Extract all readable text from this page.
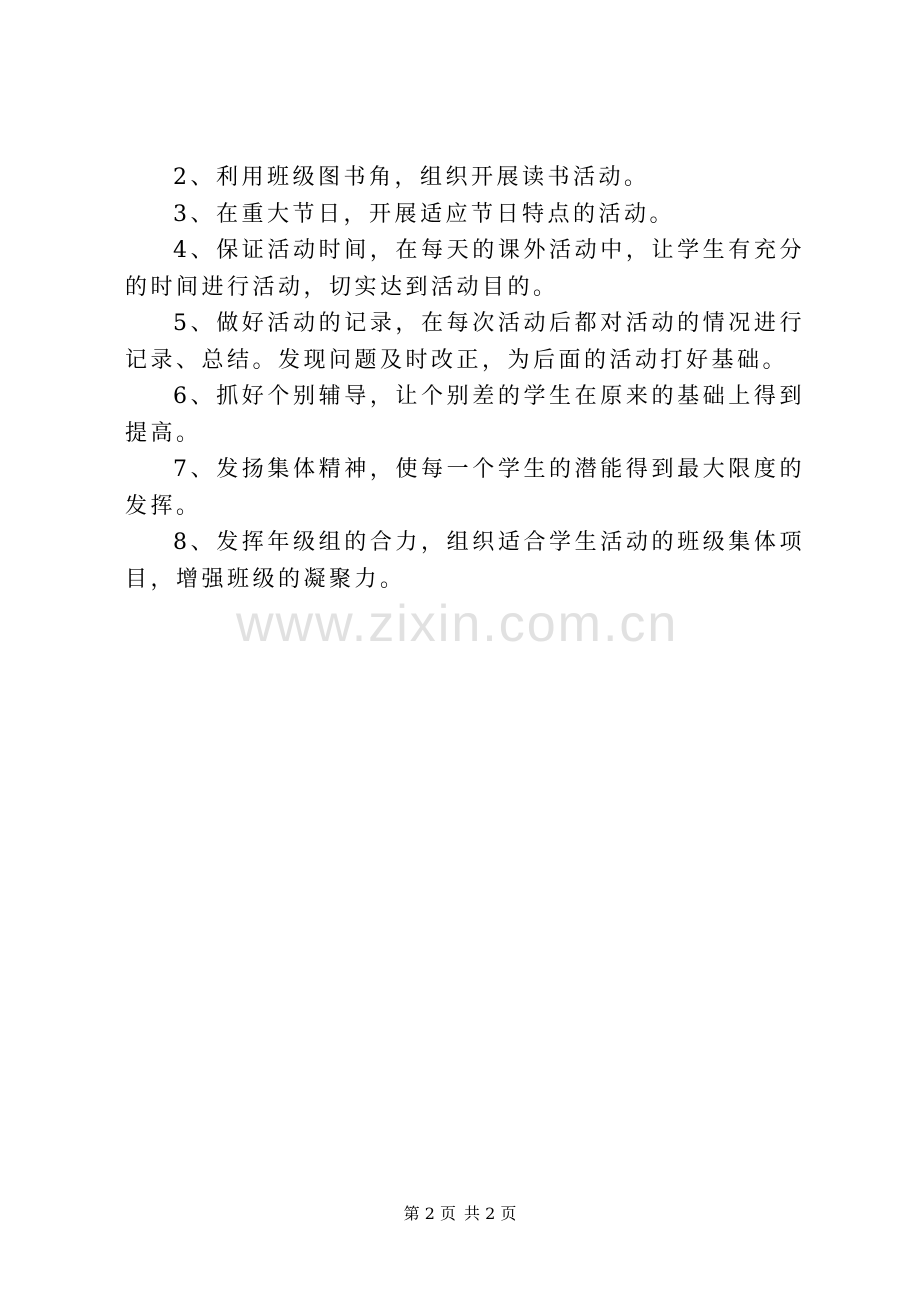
2、利用班级图书角，组织开展读书活动。

3、在重大节日，开展适应节日特点的活动。

4、保证活动时间，在每天的课外活动中，让学生有充分的时间进行活动，切实达到活动目的。

5、做好活动的记录，在每次活动后都对活动的情况进行记录、总结。发现问题及时改正，为后面的活动打好基础。

6、抓好个别辅导，让个别差的学生在原来的基础上得到提高。

7、发扬集体精神，使每一个学生的潜能得到最大限度的发挥。

8、发挥年级组的合力，组织适合学生活动的班级集体项目，增强班级的凝聚力。

www.zixin.com.cn
第 2 页 共 2 页
